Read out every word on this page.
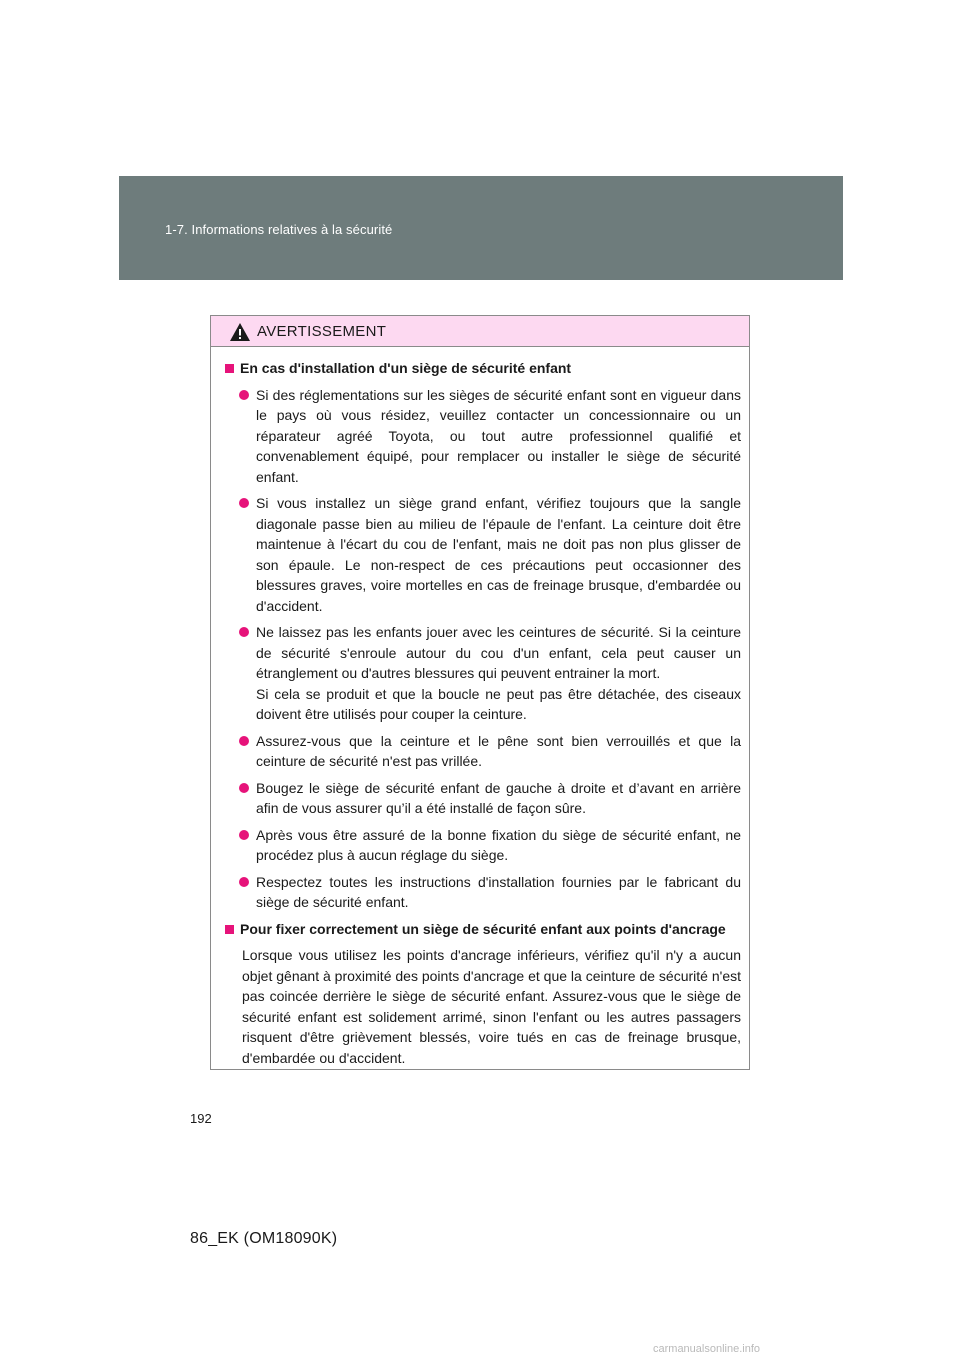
1-7. Informations relatives à la sécurité
AVERTISSEMENT
En cas d'installation d'un siège de sécurité enfant
Si des réglementations sur les sièges de sécurité enfant sont en vigueur dans le pays où vous résidez, veuillez contacter un concessionnaire ou un réparateur agréé Toyota, ou tout autre professionnel qualifié et convenablement équipé, pour remplacer ou installer le siège de sécurité enfant.
Si vous installez un siège grand enfant, vérifiez toujours que la sangle diagonale passe bien au milieu de l'épaule de l'enfant. La ceinture doit être maintenue à l'écart du cou de l'enfant, mais ne doit pas non plus glisser de son épaule. Le non-respect de ces précautions peut occasionner des blessures graves, voire mortelles en cas de freinage brusque, d'embardée ou d'accident.
Ne laissez pas les enfants jouer avec les ceintures de sécurité. Si la ceinture de sécurité s'enroule autour du cou d'un enfant, cela peut causer un étranglement ou d'autres blessures qui peuvent entrainer la mort.
Si cela se produit et que la boucle ne peut pas être détachée, des ciseaux doivent être utilisés pour couper la ceinture.
Assurez-vous que la ceinture et le pêne sont bien verrouillés et que la ceinture de sécurité n'est pas vrillée.
Bougez le siège de sécurité enfant de gauche à droite et d’avant en arrière afin de vous assurer qu’il a été installé de façon sûre.
Après vous être assuré de la bonne fixation du siège de sécurité enfant, ne procédez plus à aucun réglage du siège.
Respectez toutes les instructions d'installation fournies par le fabricant du siège de sécurité enfant.
Pour fixer correctement un siège de sécurité enfant aux points d'ancrage
Lorsque vous utilisez les points d'ancrage inférieurs, vérifiez qu'il n'y a aucun objet gênant à proximité des points d'ancrage et que la ceinture de sécurité n'est pas coincée derrière le siège de sécurité enfant. Assurez-vous que le siège de sécurité enfant est solidement arrimé, sinon l'enfant ou les autres passagers risquent d'être grièvement blessés, voire tués en cas de freinage brusque, d'embardée ou d'accident.
192
86_EK (OM18090K)
carmanualsonline.info
